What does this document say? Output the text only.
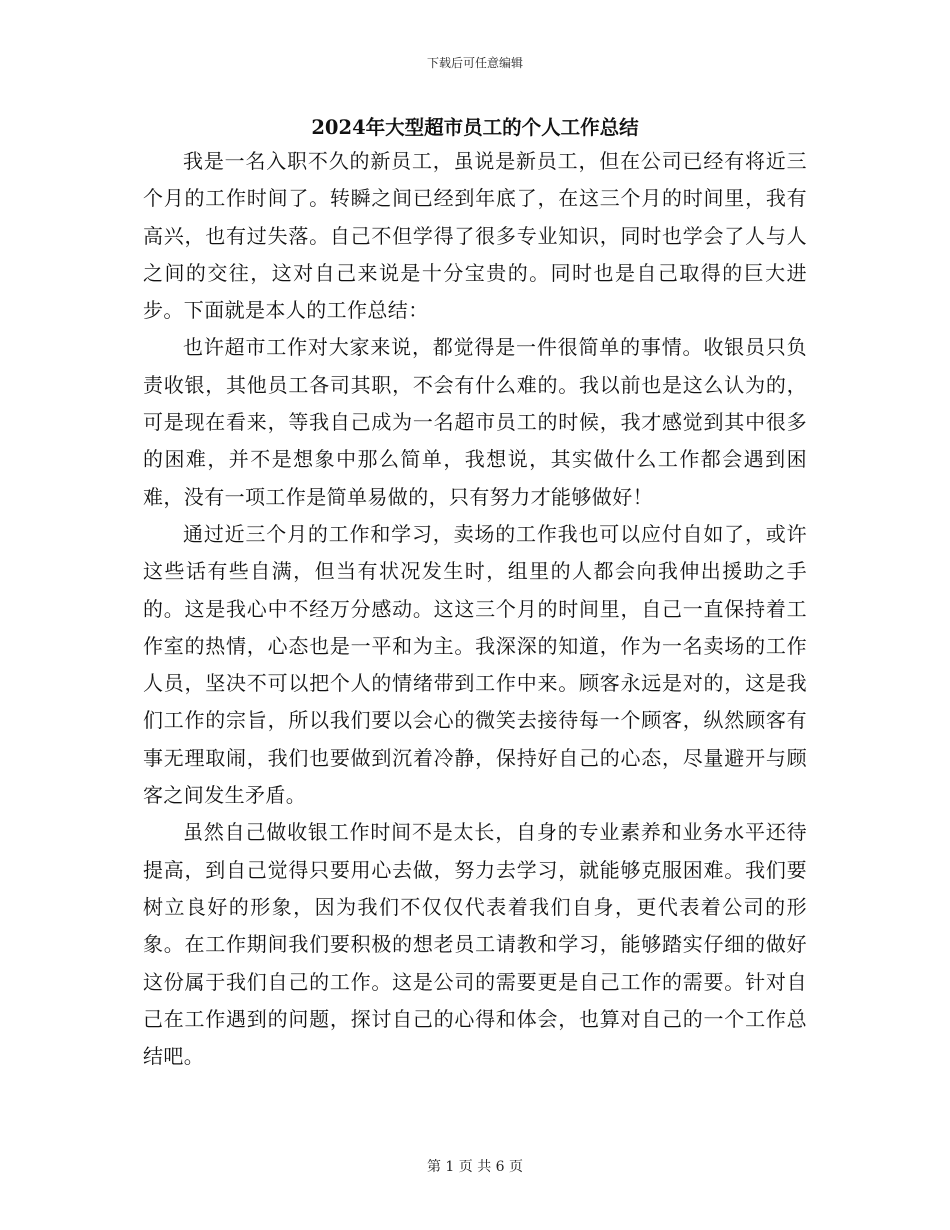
下载后可任意编辑
2024年大型超市员工的个人工作总结

我是一名入职不久的新员工，虽说是新员工，但在公司已经有将近三个月的工作时间了。转瞬之间已经到年底了，在这三个月的时间里，我有高兴，也有过失落。自己不但学得了很多专业知识，同时也学会了人与人之间的交往，这对自己来说是十分宝贵的。同时也是自己取得的巨大进步。下面就是本人的工作总结：

也许超市工作对大家来说，都觉得是一件很简单的事情。收银员只负责收银，其他员工各司其职，不会有什么难的。我以前也是这么认为的，可是现在看来，等我自己成为一名超市员工的时候，我才感觉到其中很多的困难，并不是想象中那么简单，我想说，其实做什么工作都会遇到困难，没有一项工作是简单易做的，只有努力才能够做好！

通过近三个月的工作和学习，卖场的工作我也可以应付自如了，或许这些话有些自满，但当有状况发生时，组里的人都会向我伸出援助之手的。这是我心中不经万分感动。这这三个月的时间里，自己一直保持着工作室的热情，心态也是一平和为主。我深深的知道，作为一名卖场的工作人员，坚决不可以把个人的情绪带到工作中来。顾客永远是对的，这是我们工作的宗旨，所以我们要以会心的微笑去接待每一个顾客，纵然顾客有事无理取闹，我们也要做到沉着冷静，保持好自己的心态，尽量避开与顾客之间发生矛盾。

虽然自己做收银工作时间不是太长，自身的专业素养和业务水平还待提高，到自己觉得只要用心去做，努力去学习，就能够克服困难。我们要树立良好的形象，因为我们不仅仅代表着我们自身，更代表着公司的形象。在工作期间我们要积极的想老员工请教和学习，能够踏实仔细的做好这份属于我们自己的工作。这是公司的需要更是自己工作的需要。针对自己在工作遇到的问题，探讨自己的心得和体会，也算对自己的一个工作总结吧。

第 1 页 共 6 页
